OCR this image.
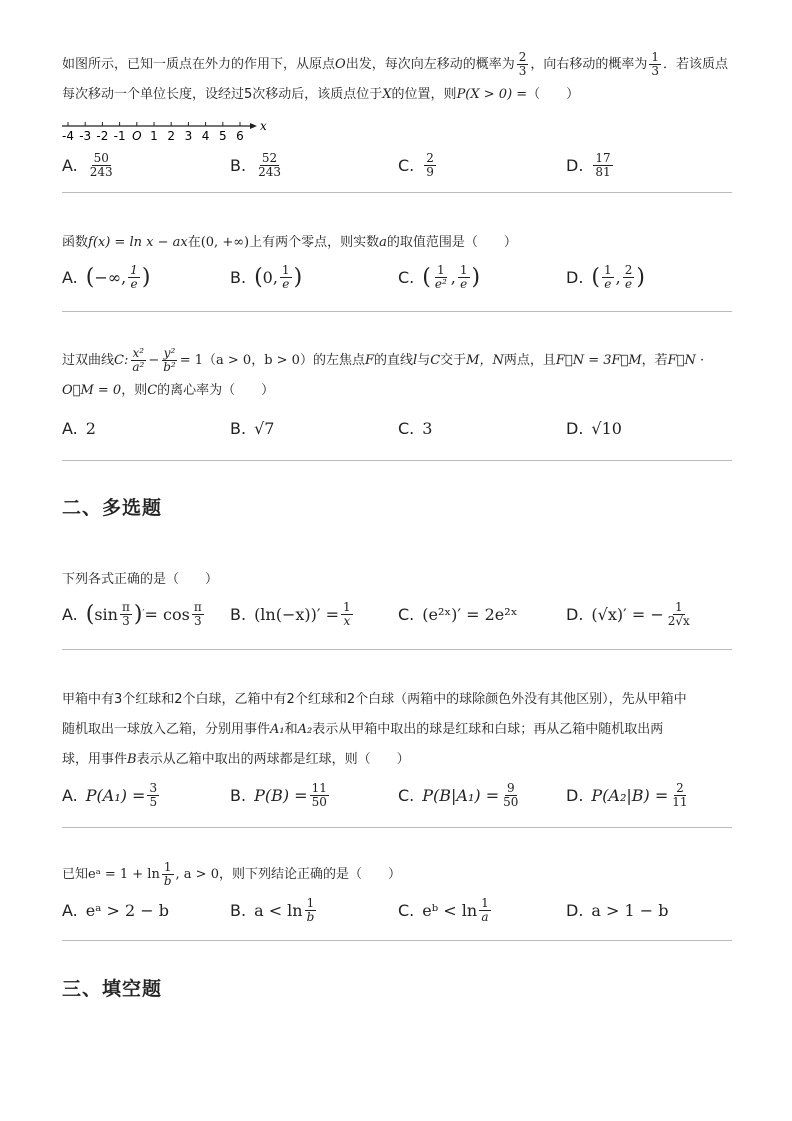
如图所示，已知一质点在外力的作用下，从原点O出发，每次向左移动的概率为 $\frac{2}{3}$ ，向右移动的概率为 $\frac{1}{3}$ ．若该质点每次移动一个单位长度，设经过5次移动后，该质点位于X的位置，则P(X > 0) =（　　）

-4 -3 -2 -1 O 1 2 3 4 5 6
x
A. $\frac{50}{243}$	B. $\frac{52}{243}$	C. $\frac{2}{9}$	D. $\frac{17}{81}$

函数f(x) = ln x − ax在(0, +∞)上有两个零点，则实数a的取值范围是（　　）

A. ( −∞, $\frac{1}{e}$ )	B. ( 0, $\frac{1}{e}$ )	C. ( $\frac{1}{\text{e²}}$ , $\frac{1}{e}$ )	D. ( $\frac{1}{e}$ , $\frac{2}{e}$ )

过双曲线C: $\frac{\text{x²}}{\text{a²}} - \frac{\text{y²}}{\text{b²}} = 1(a > 0$，b > 0）的左焦点F的直线l与C交于M，N两点，且F⃗N = 3F⃗M，若F⃗N · O⃗M = 0，则C的离心率为（　　）

A. 2	B. √7	C. 3	D. √10
二、多选题

下列各式正确的是（　　）

A. ( $\sin \frac{\pi}{3}$ ) ′ = $\cos \frac{\pi}{3} B$. $(\ln(-x))' = \frac{1}{x}$	C. (e²ˣ)′ = 2e²ˣ	D. (√x)′ = − $\frac{1}{2√x}$

甲箱中有3个红球和2个白球，乙箱中有2个红球和2个白球（两箱中的球除颜色外没有其他区别），先从甲箱中
随机取出一球放入乙箱，分别用事件A₁和A₂表示从甲箱中取出的球是红球和白球；再从乙箱中随机取出两
球，用事件B表示从乙箱中取出的两球都是红球，则（　　）

A. $P(A_1) = \frac{3}{5}$	B. $P(B) = \frac{11}{50}$	C. $P(B|A_1) = \frac{9}{50}$	D. $P(A_2|B) = \frac{2}{11}$

已知eᵃ = $1 + \ln \frac{1}{b}$ , a > 0，则下列结论正确的是（　　）

A. eᵃ > 2 − b	B. $a < \ln \frac{1}{b}$	C. eᵇ < $\ln \frac{1}{a}$	D. a > 1 − b
三、填空题
